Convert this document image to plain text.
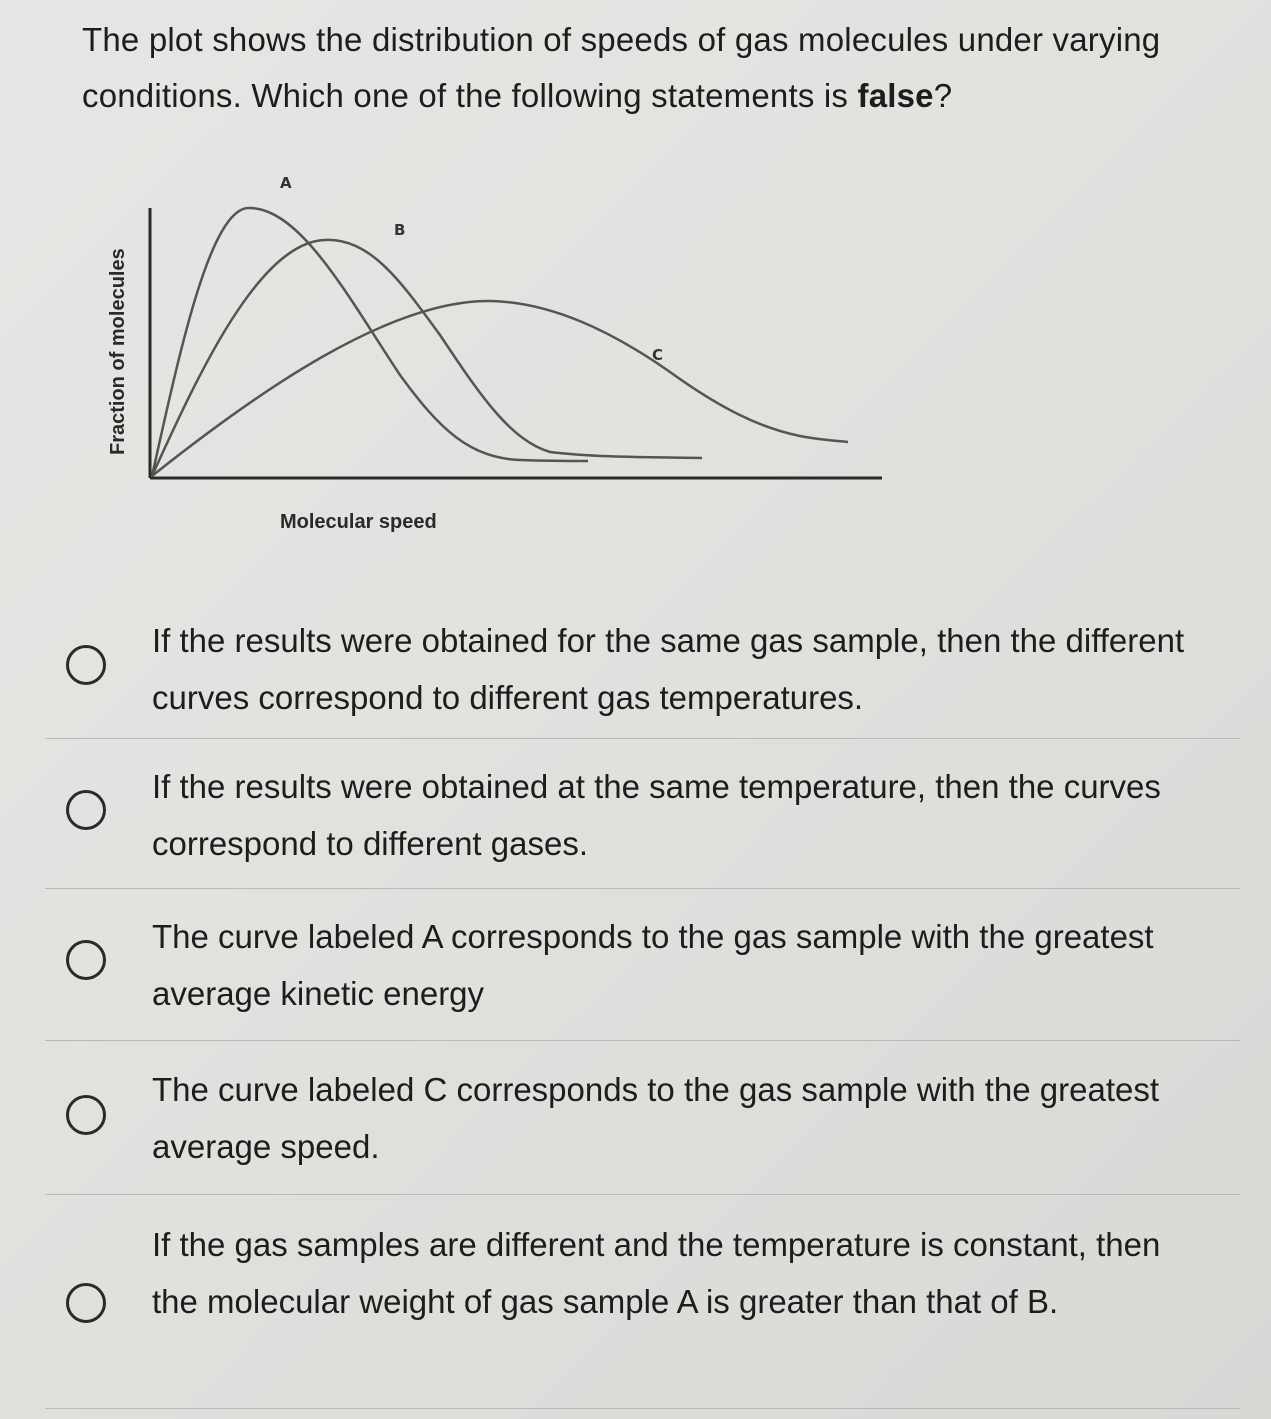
The plot shows the distribution of speeds of gas molecules under varying conditions. Which one of the following statements is false?
A
B
C
Fraction of molecules
Molecular speed
If the results were obtained for the same gas sample, then the different curves correspond to different gas temperatures.
If the results were obtained at the same temperature, then the curves correspond to different gases.
The curve labeled A corresponds to the gas sample with the greatest average kinetic energy
The curve labeled C corresponds to the gas sample with the greatest average speed.
If the gas samples are different and the temperature is constant, then the molecular weight of gas sample A is greater than that of B.
